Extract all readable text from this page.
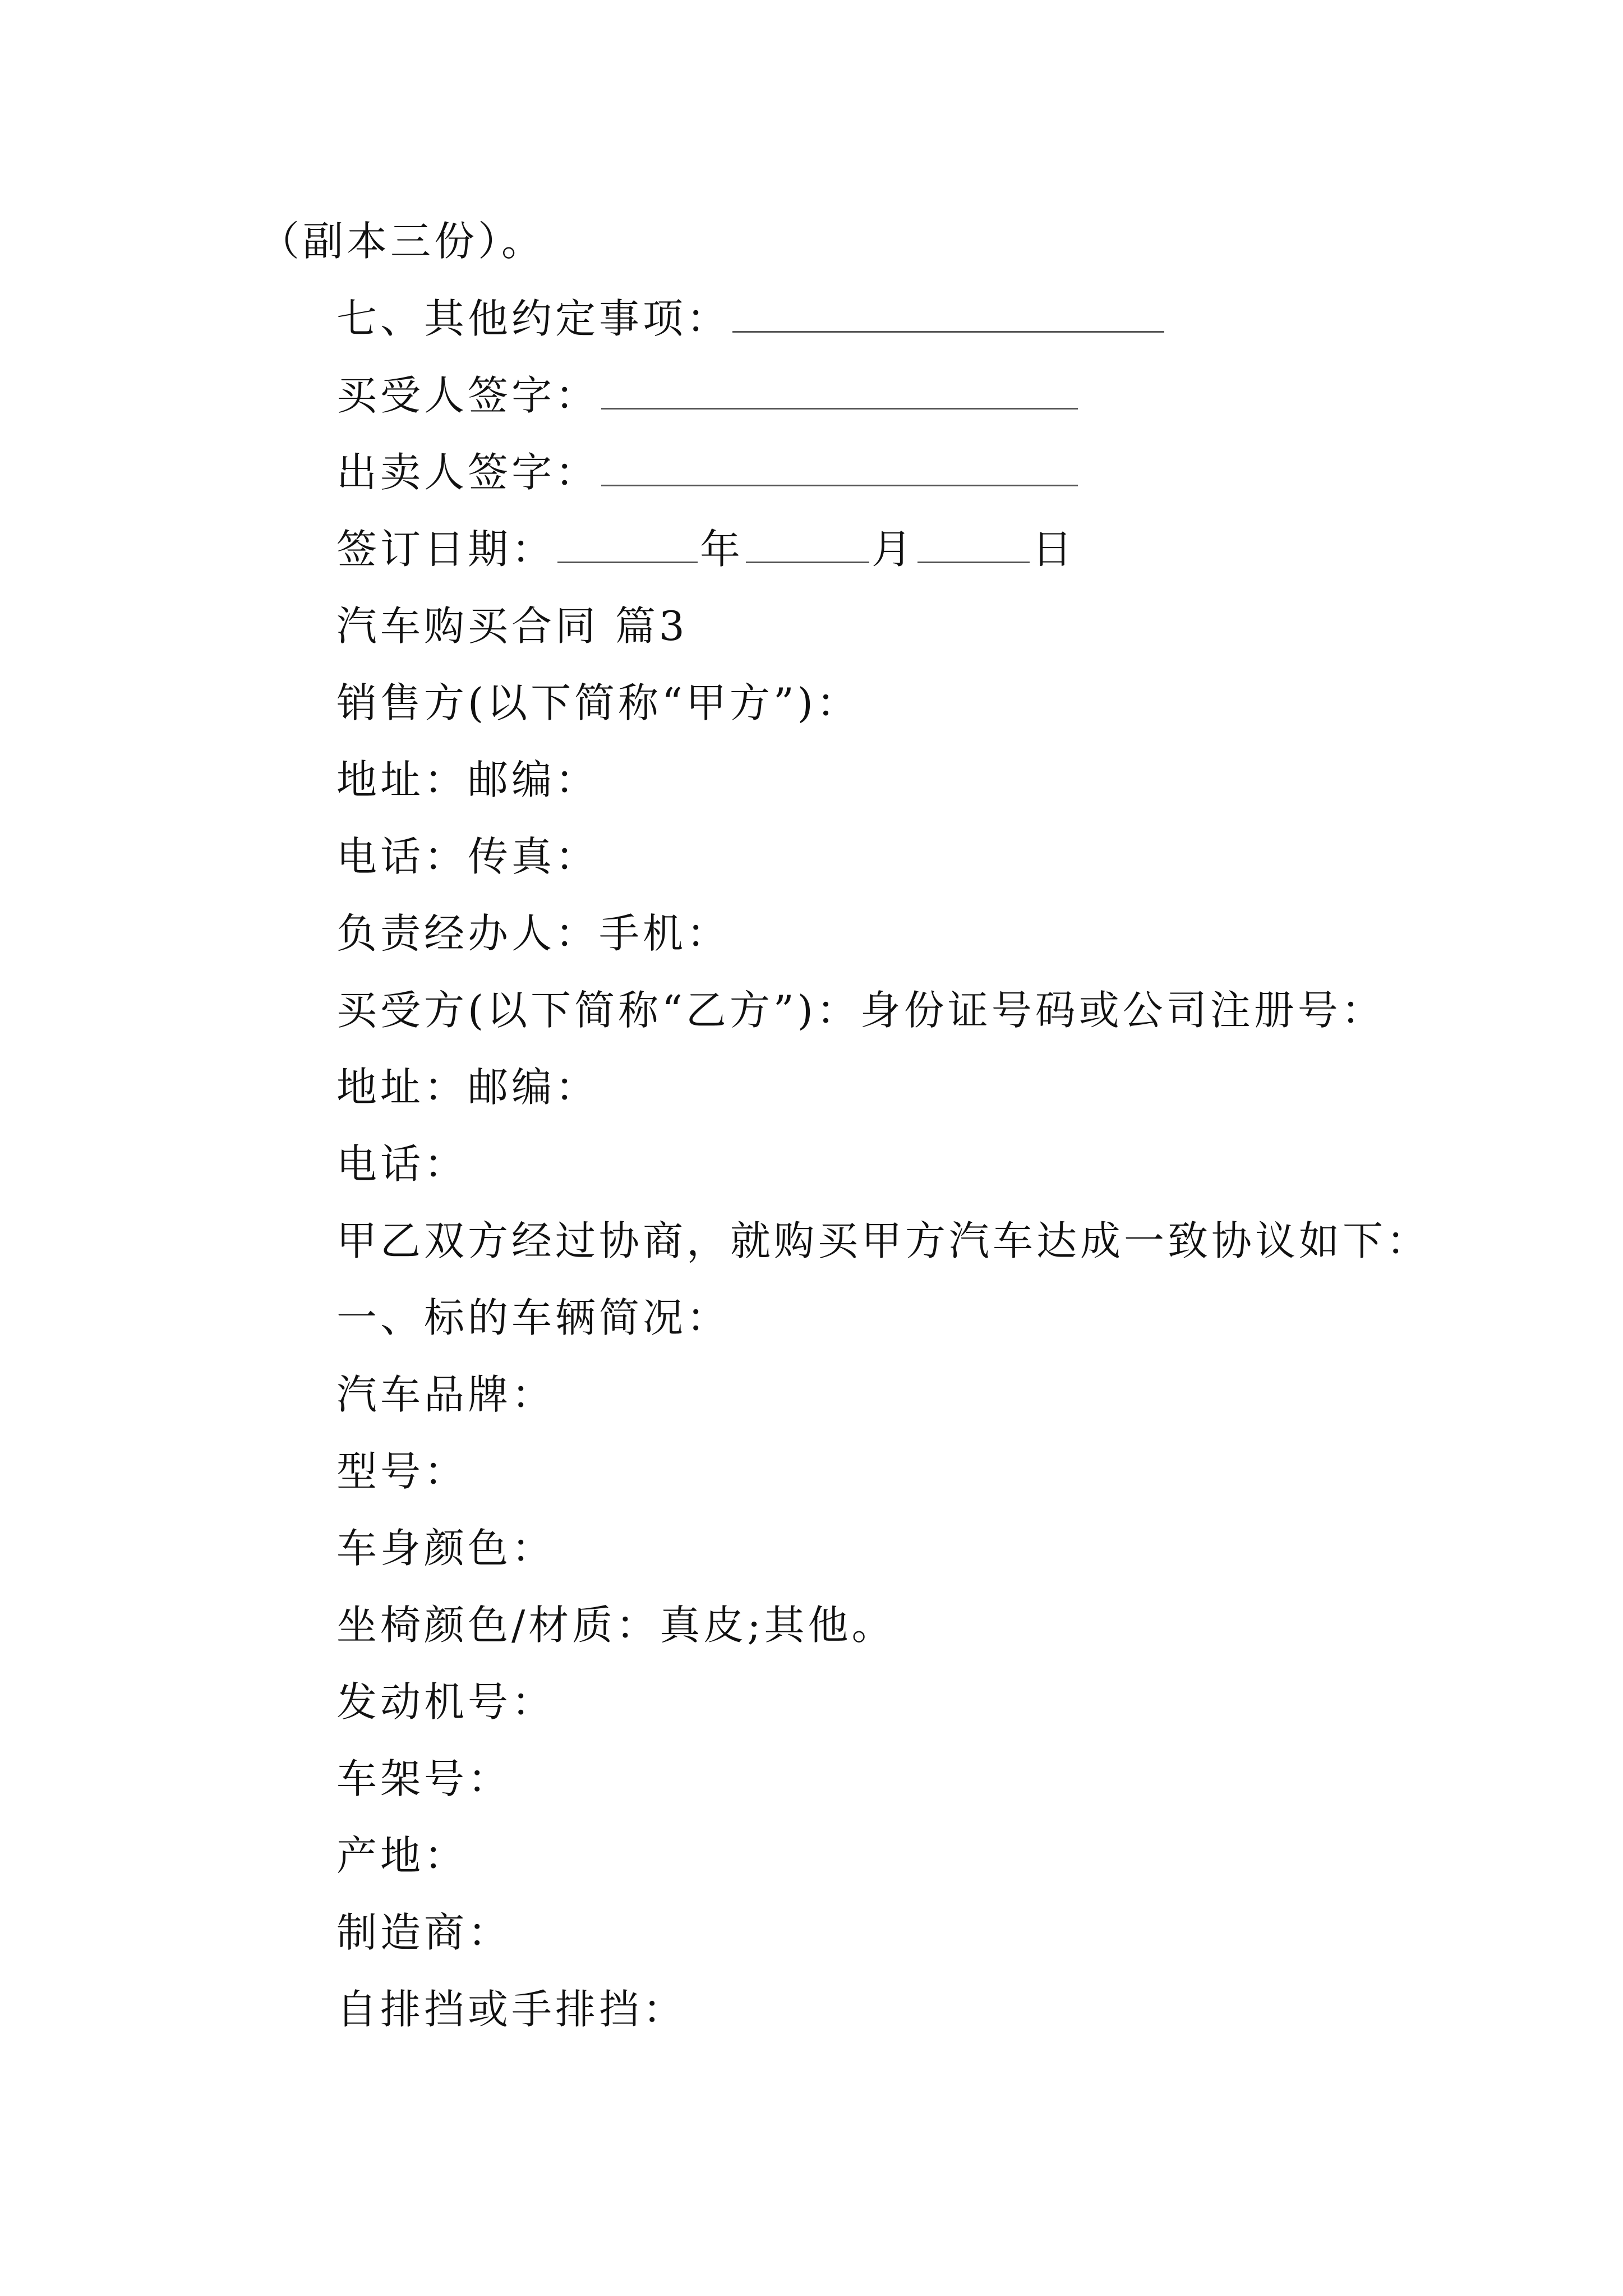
（副本三份）。
七、其他约定事项：
买受人签字：
出卖人签字：
签订日期：	年	月	日
汽车购买合同 篇3
销售方(以下简称“甲方”)：
地址：邮编：
电话：传真：
负责经办人：手机：
买受方(以下简称“乙方”)：身份证号码或公司注册号：
地址：邮编：
电话：
甲乙双方经过协商，就购买甲方汽车达成一致协议如下：
一、标的车辆简况：
汽车品牌：
型号：
车身颜色：
坐椅颜色/材质：真皮;其他。
发动机号：
车架号：
产地：
制造商：
自排挡或手排挡：
